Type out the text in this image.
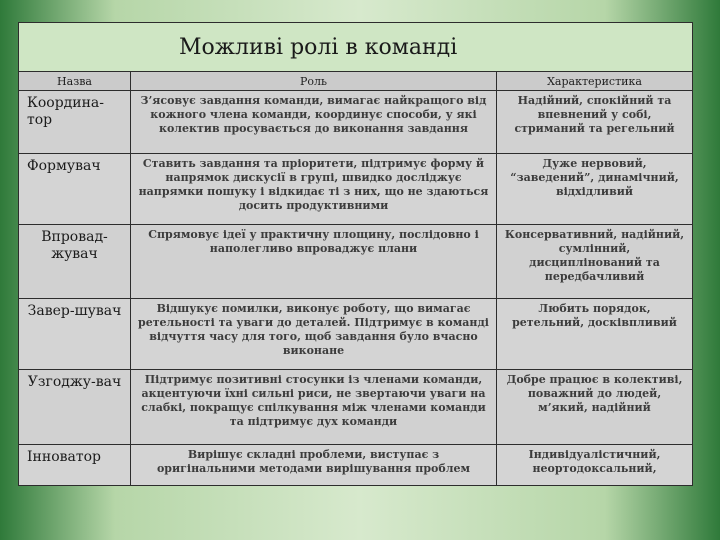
Можливі ролі в команді		
Назва	Роль	Характеристика
Координа-тор	З’ясовує завдання команди, вимагає найкращого від кожного члена команди, координує способи, у які колектив просувається до виконання завдання	Надійний, спокійний та впевнений у собі, стриманий та регельний
Формувач	Ставить завдання та пріоритети, підтримує форму й напрямок дискусії в групі, швидко досліджує напрямки пошуку і відкидає ті з них, що не здаються досить продуктивними	Дуже нервовий, “заведений”, динамічний, відхідливий
Впровад-жувач	Спрямовує ідеї у практичну площину, послідовно і наполегливо впроваджує плани	Консервативний, надійний, сумлінний, дисциплінований та передбачливий
Завер-шувач	Відшукує помилки, виконує роботу, що вимагає ретельності та уваги до деталей. Підтримує в команді відчуття часу для того, щоб завдання було вчасно виконане	Любить порядок, ретельний, досківпливий
Узгоджу-вач	Підтримує позитивні стосунки із членами команди, акцентуючи їхні сильні риси, не звертаючи уваги на слабкі, покращує спілкування між членами команди та підтримує дух команди	Добре працює в колективі, поважний до людей, м’який, надійний
Інноватор	Вирішує складні проблеми, виступає з оригінальними методами вирішування проблем	Індивідуалістичний, неортодоксальний,
